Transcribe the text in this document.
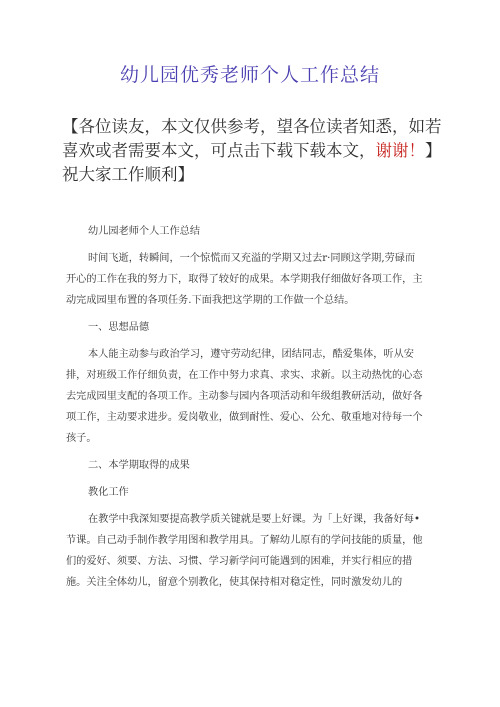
幼儿园优秀老师个人工作总结
【各位读友，本文仅供参考，望各位读者知悉，如若喜欢或者需要本文，可点击下载下载本文，谢谢！】祝大家工作顺利】

幼儿园老师个人工作总结

时间飞逝，转瞬间，一个惊慌而又充溢的学期又过去r·同顾这学期,劳碌而
开心的工作在我的努力下，取得了较好的成果。本学期我仔细做好各项工作，主动完成园里布置的各项任务.下面我把这学期的工作做一个总结。

一、思想品德

本人能主动参与政治学习，遵守劳动纪律，团结同志，酷爱集体，听从安
排，对班级工作仔细负责，在工作中努力求真、求实、求新。以主动热忱的心态去完成园里支配的各项工作。主动参与园内各项活动和年级组教研活动，做好各项工作，主动要求进步。爱岗敬业，做到耐性、爱心、公允、敬重地对待每一个孩子。

二、本学期取得的成果

教化工作

在教学中我深知要提高教学质关键就是要上好课。为「上好课，我备好每•
节课。自己动手制作教学用图和教学用具。了解幼儿原有的学问技能的质量，他们的爱好、须要、方法、习惯、学习新学问可能遇到的困难，并实行相应的措施。关注全体幼儿，留意个别教化，使其保持相对稳定性，同时激发幼儿的
